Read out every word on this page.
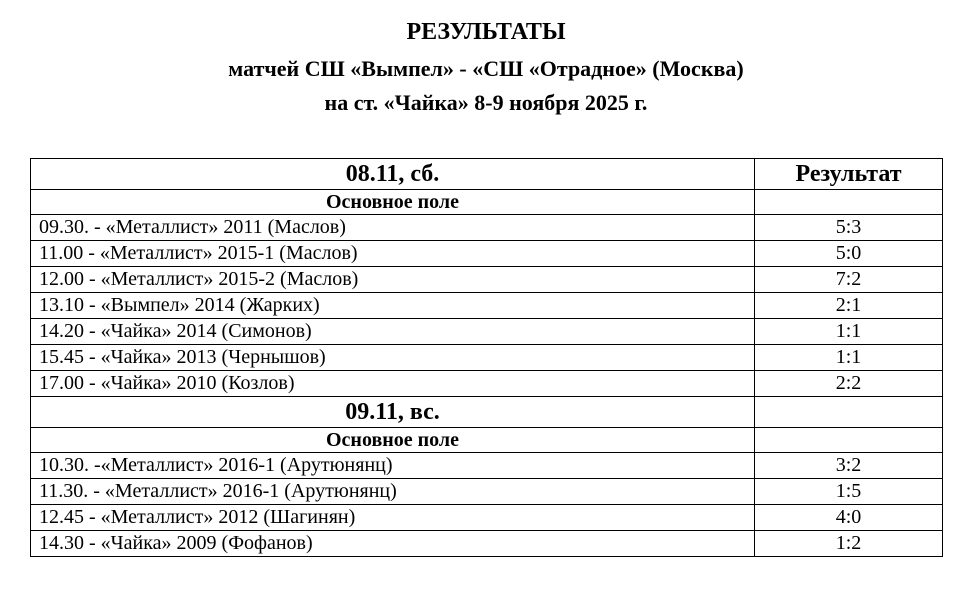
РЕЗУЛЬТАТЫ
матчей СШ «Вымпел» - «СШ «Отрадное» (Москва)
на ст. «Чайка» 8-9 ноября 2025 г.
08.11, сб.	Результат
Основное поле	
09.30. - «Металлист» 2011 (Маслов)	5:3
11.00 - «Металлист» 2015-1 (Маслов)	5:0
12.00 - «Металлист» 2015-2 (Маслов)	7:2
13.10 - «Вымпел» 2014 (Жарких)	2:1
14.20 - «Чайка» 2014 (Симонов)	1:1
15.45 - «Чайка» 2013 (Чернышов)	1:1
17.00 - «Чайка» 2010 (Козлов)	2:2
09.11, вс.	
Основное поле	
10.30. -«Металлист» 2016-1 (Арутюнянц)	3:2
11.30. - «Металлист» 2016-1 (Арутюнянц)	1:5
12.45 - «Металлист» 2012 (Шагинян)	4:0
14.30 - «Чайка» 2009 (Фофанов)	1:2
